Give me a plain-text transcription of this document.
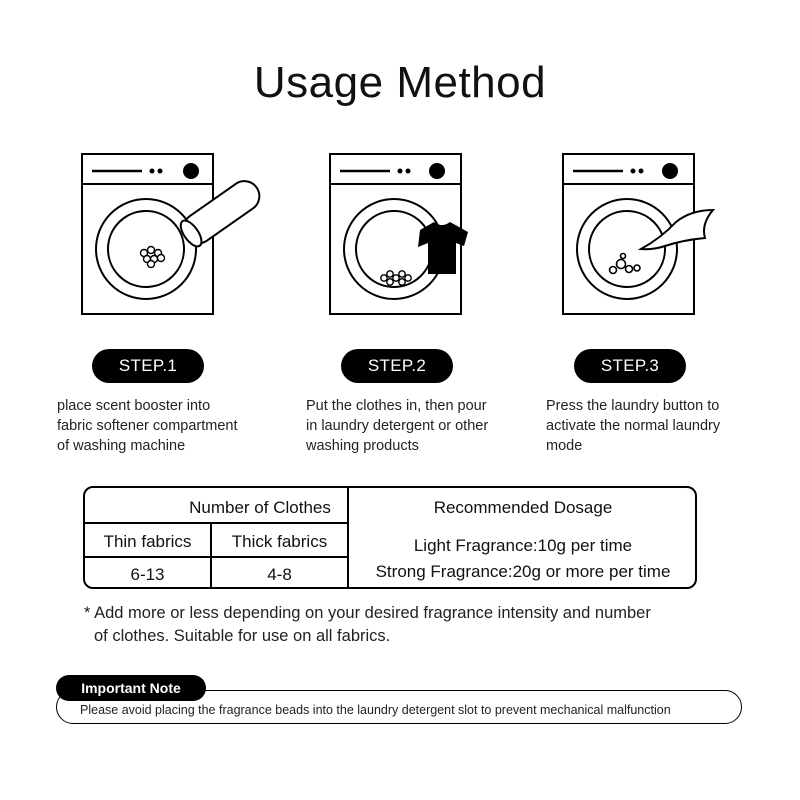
Usage Method
STEP.1	STEP.2	STEP.3
place scent booster into
fabric softener compartment
of washing machine
Put the clothes in, then pour
in laundry detergent or other
washing products
Press the laundry button to
activate the normal laundry
mode
Number of Clothes	Recommended Dosage
Thin fabrics	Thick fabrics
6-13	4-8
Light Fragrance:10g per time
Strong Fragrance:20g or more per time
* Add more or less depending on your desired fragrance intensity and number
of clothes. Suitable for use on all fabrics.
Important Note
Please avoid placing the fragrance beads into the laundry detergent slot to prevent mechanical malfunction
